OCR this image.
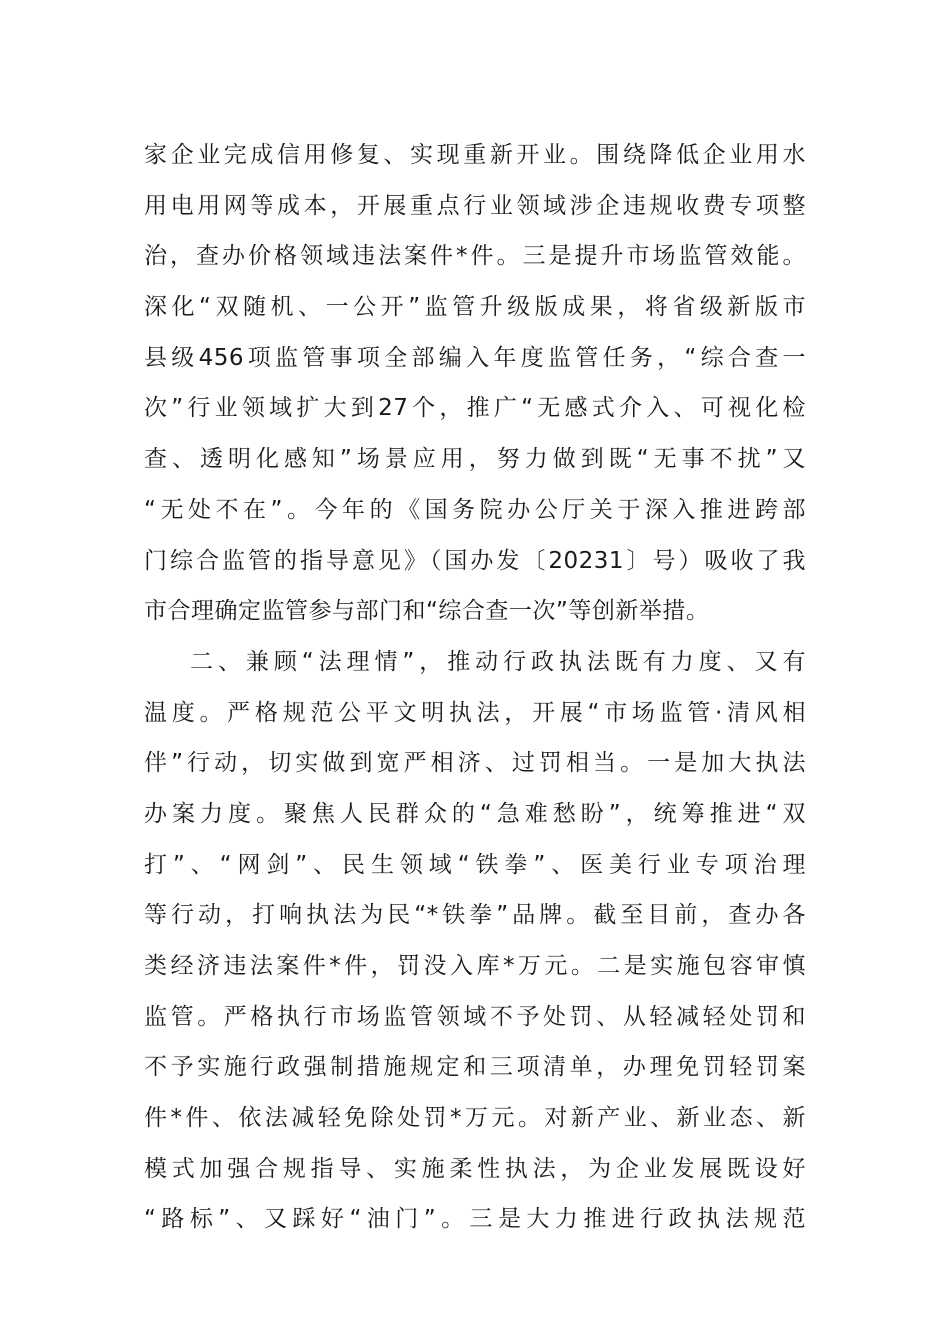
家企业完成信用修复、实现重新开业。围绕降低企业用水
用电用网等成本，开展重点行业领域涉企违规收费专项整
治，查办价格领域违法案件*件。三是提升市场监管效能。
深化“双随机、一公开”监管升级版成果，将省级新版市
县级456项监管事项全部编入年度监管任务，“综合查一
次”行业领域扩大到27个，推广“无感式介入、可视化检
查、透明化感知”场景应用，努力做到既“无事不扰”又
“无处不在”。今年的《国务院办公厅关于深入推进跨部
门综合监管的指导意见》（国办发〔20231〕号）吸收了我
市合理确定监管参与部门和“综合查一次”等创新举措。
二、兼顾“法理情”，推动行政执法既有力度、又有
温度。严格规范公平文明执法，开展“市场监管·清风相
伴”行动，切实做到宽严相济、过罚相当。一是加大执法
办案力度。聚焦人民群众的“急难愁盼”，统筹推进“双
打”、“网剑”、民生领域“铁拳”、医美行业专项治理
等行动，打响执法为民“*铁拳”品牌。截至目前，查办各
类经济违法案件*件，罚没入库*万元。二是实施包容审慎
监管。严格执行市场监管领域不予处罚、从轻减轻处罚和
不予实施行政强制措施规定和三项清单，办理免罚轻罚案
件*件、依法减轻免除处罚*万元。对新产业、新业态、新
模式加强合规指导、实施柔性执法，为企业发展既设好
“路标”、又踩好“油门”。三是大力推进行政执法规范
